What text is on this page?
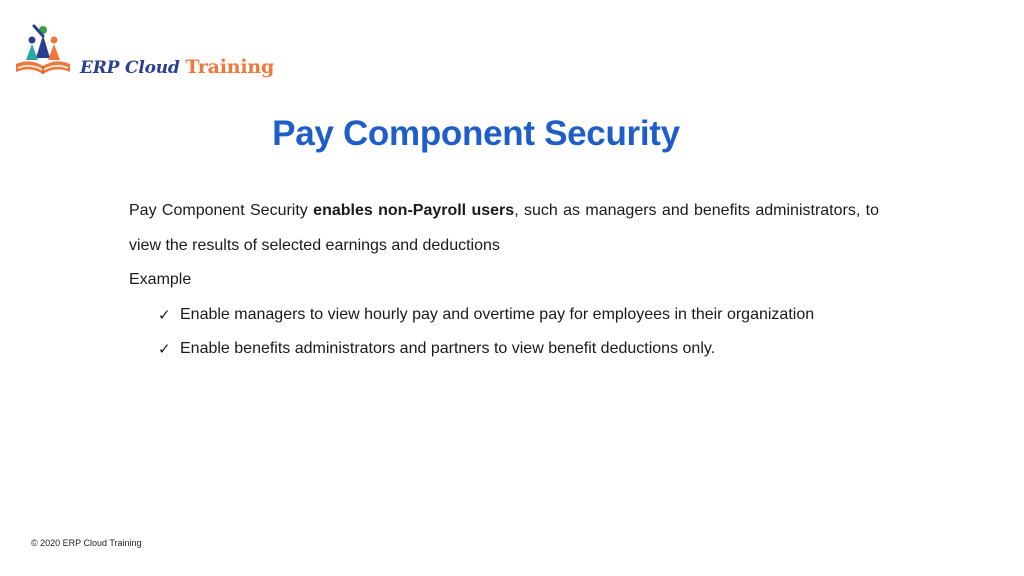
ERP Cloud Training
Pay Component Security

Pay Component Security enables non-Payroll users, such as managers and benefits administrators, to view the results of selected earnings and deductions

Example

✓ Enable managers to view hourly pay and overtime pay for employees in their organization
✓ Enable benefits administrators and partners to view benefit deductions only.
© 2020 ERP Cloud Training
